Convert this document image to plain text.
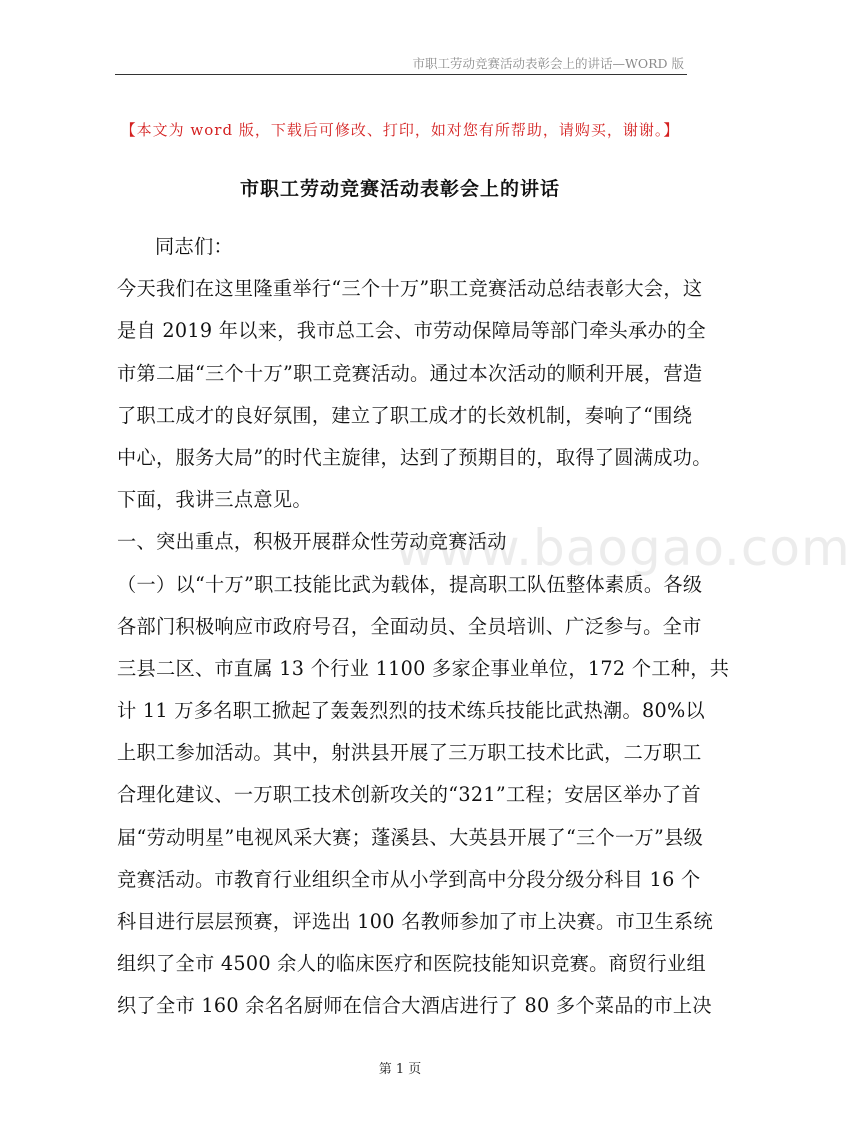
市职工劳动竞赛活动表彰会上的讲话—WORD 版
【本文为 word 版，下载后可修改、打印，如对您有所帮助，请购买，谢谢。】
市职工劳动竞赛活动表彰会上的讲话
www.baogao.com
同志们：
今天我们在这里隆重举行“三个十万”职工竞赛活动总结表彰大会，这
是自 2019 年以来，我市总工会、市劳动保障局等部门牵头承办的全
市第二届“三个十万”职工竞赛活动。通过本次活动的顺利开展，营造
了职工成才的良好氛围，建立了职工成才的长效机制，奏响了“围绕
中心，服务大局”的时代主旋律，达到了预期目的，取得了圆满成功。
下面，我讲三点意见。
一、突出重点，积极开展群众性劳动竞赛活动
（一）以“十万”职工技能比武为载体，提高职工队伍整体素质。各级
各部门积极响应市政府号召，全面动员、全员培训、广泛参与。全市
三县二区、市直属 13 个行业 1100 多家企事业单位，172 个工种，共
计 11 万多名职工掀起了轰轰烈烈的技术练兵技能比武热潮。80%以
上职工参加活动。其中，射洪县开展了三万职工技术比武，二万职工
合理化建议、一万职工技术创新攻关的“321”工程；安居区举办了首
届“劳动明星”电视风采大赛；蓬溪县、大英县开展了“三个一万”县级
竞赛活动。市教育行业组织全市从小学到高中分段分级分科目 16 个
科目进行层层预赛，评选出 100 名教师参加了市上决赛。市卫生系统
组织了全市 4500 余人的临床医疗和医院技能知识竞赛。商贸行业组
织了全市 160 余名名厨师在信合大酒店进行了 80 多个菜品的市上决
第 1 页
